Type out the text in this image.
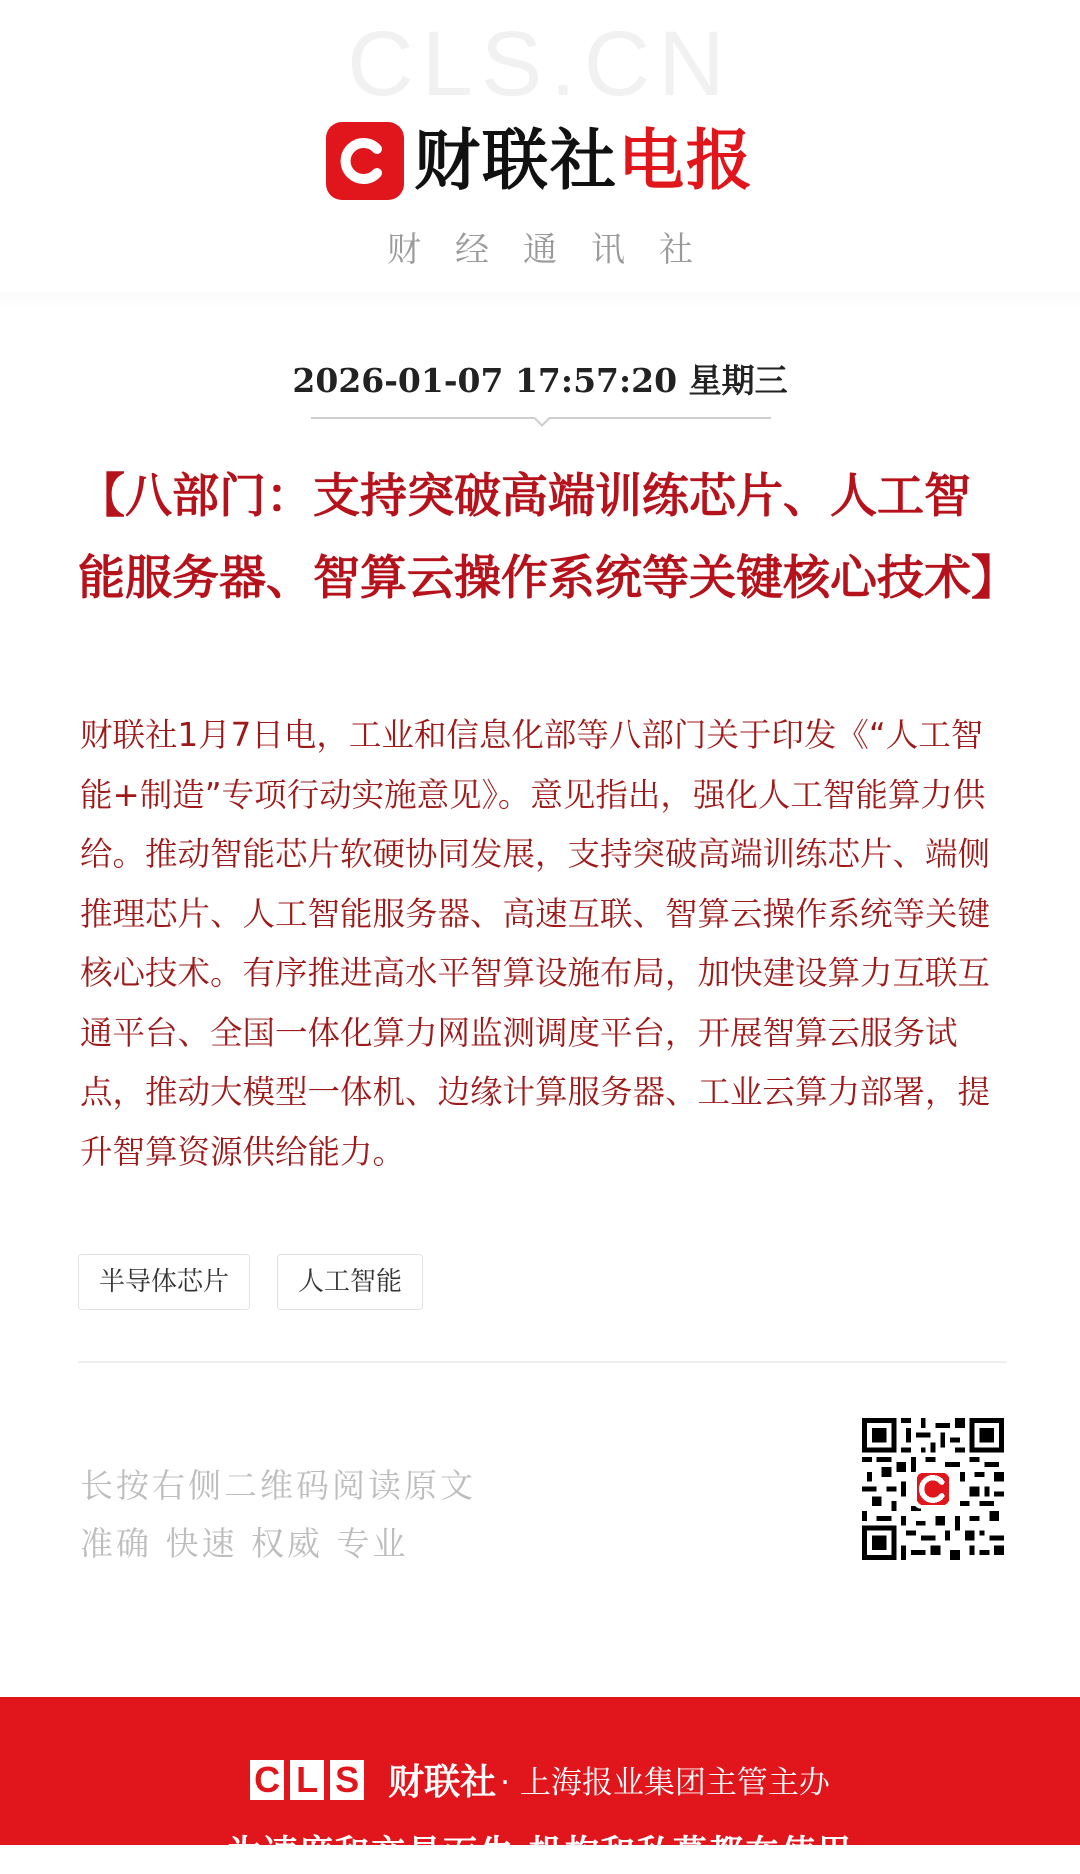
CLS.CN
财联社 电报
财经通讯社
2026-01-07 17:57:20 星期三
【八部门：支持突破高端训练芯片、人工智能服务器、智算云操作系统等关键核心技术】
财联社1月7日电，工业和信息化部等八部门关于印发《“人工智能+制造”专项行动实施意见》。意见指出，强化人工智能算力供给。推动智能芯片软硬协同发展，支持突破高端训练芯片、端侧推理芯片、人工智能服务器、高速互联、智算云操作系统等关键核心技术。有序推进高水平智算设施布局，加快建设算力互联互通平台、全国一体化算力网监测调度平台，开展智算云服务试点，推动大模型一体机、边缘计算服务器、工业云算力部署，提升智算资源供给能力。
半导体芯片	人工智能
长按右侧二维码阅读原文
准确 快速 权威 专业
C L S 财联社 · 上海报业集团主管主办
为速度和交易而生 机构和私募都在使用
